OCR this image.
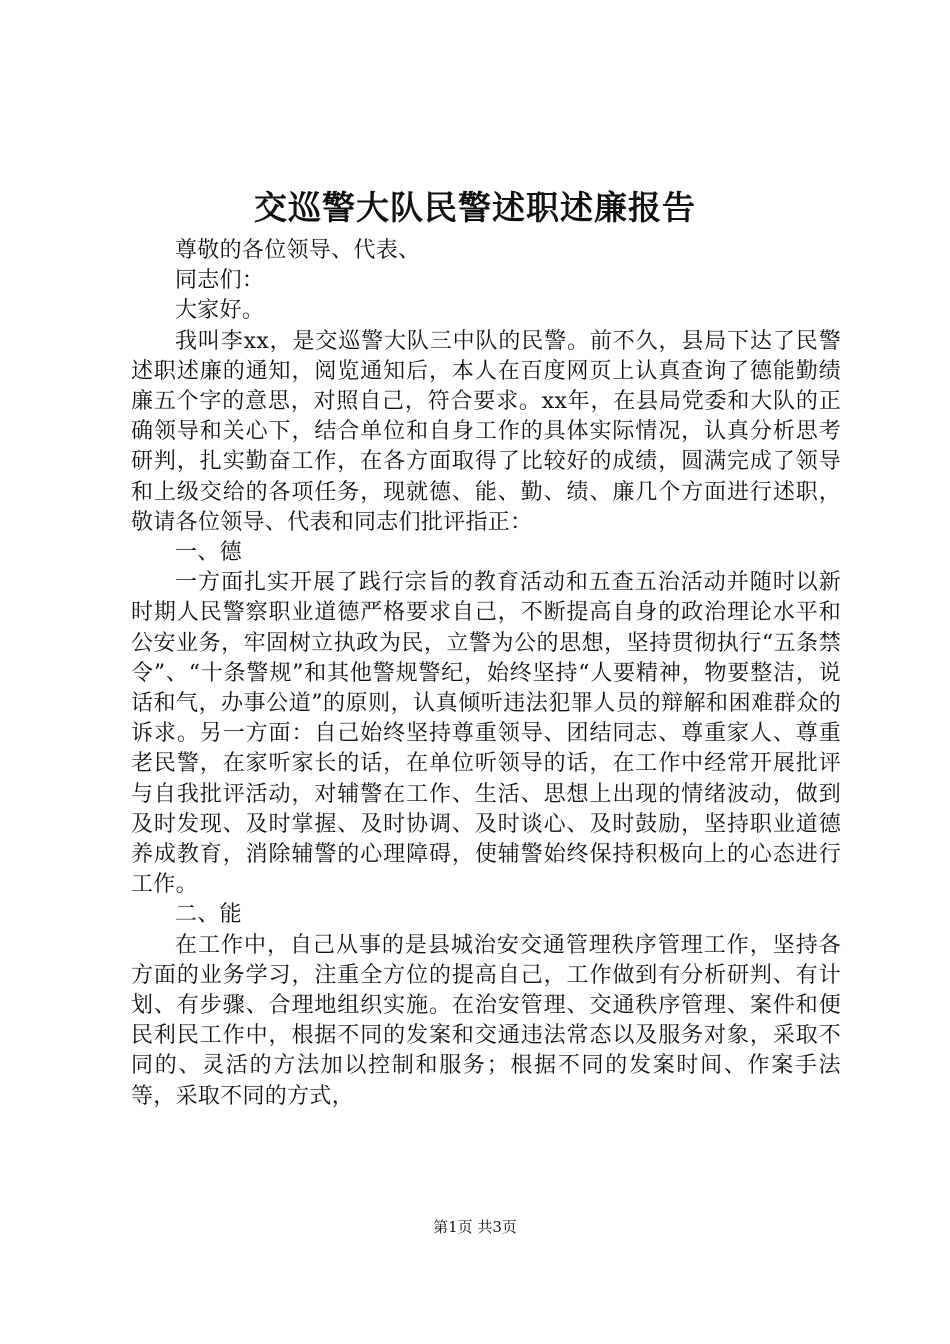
交巡警大队民警述职述廉报告

尊敬的各位领导、代表、

同志们：

大家好。

我叫李xx，是交巡警大队三中队的民警。前不久，县局下达了民警述职述廉的通知，阅览通知后，本人在百度网页上认真查询了德能勤绩廉五个字的意思，对照自己，符合要求。xx年，在县局党委和大队的正确领导和关心下，结合单位和自身工作的具体实际情况，认真分析思考研判，扎实勤奋工作，在各方面取得了比较好的成绩，圆满完成了领导和上级交给的各项任务，现就德、能、勤、绩、廉几个方面进行述职，敬请各位领导、代表和同志们批评指正：

一、德

一方面扎实开展了践行宗旨的教育活动和五查五治活动并随时以新时期人民警察职业道德严格要求自己，不断提高自身的政治理论水平和公安业务，牢固树立执政为民，立警为公的思想，坚持贯彻执行“五条禁令”、“十条警规”和其他警规警纪，始终坚持“人要精神，物要整洁，说话和气，办事公道”的原则，认真倾听违法犯罪人员的辩解和困难群众的诉求。另一方面：自己始终坚持尊重领导、团结同志、尊重家人、尊重老民警，在家听家长的话，在单位听领导的话，在工作中经常开展批评与自我批评活动，对辅警在工作、生活、思想上出现的情绪波动，做到及时发现、及时掌握、及时协调、及时谈心、及时鼓励，坚持职业道德养成教育，消除辅警的心理障碍，使辅警始终保持积极向上的心态进行工作。

二、能

在工作中，自己从事的是县城治安交通管理秩序管理工作，坚持各方面的业务学习，注重全方位的提高自己，工作做到有分析研判、有计划、有步骤、合理地组织实施。在治安管理、交通秩序管理、案件和便民利民工作中，根据不同的发案和交通违法常态以及服务对象，采取不同的、灵活的方法加以控制和服务；根据不同的发案时间、作案手法等，采取不同的方式，

第1页 共3页
